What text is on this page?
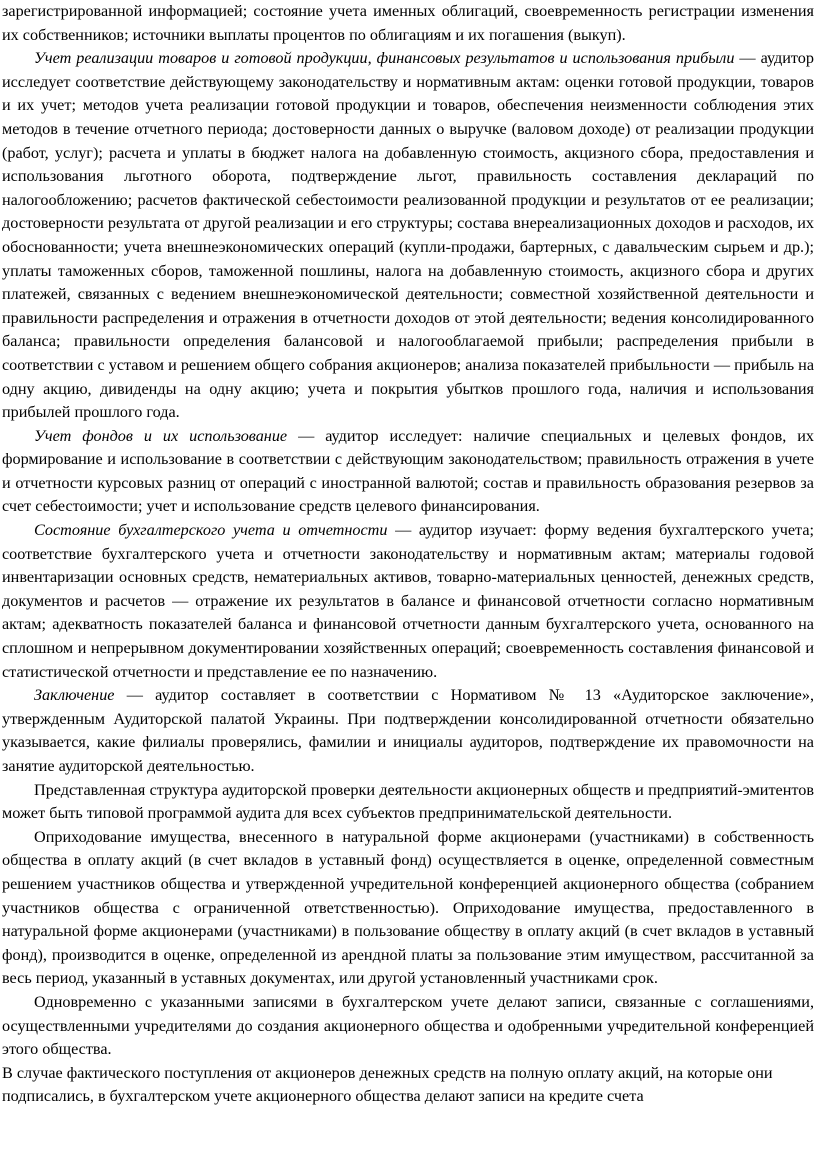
зарегистрированной информацией; состояние учета именных облигаций, своевременность регистрации изменения их собственников; источники выплаты процентов по облигациям и их погашения (выкуп).

Учет реализации товаров и готовой продукции, финансовых результатов и использования прибыли — аудитор исследует соответствие действующему законодательству и нормативным актам: оценки готовой продукции, товаров и их учет; методов учета реализации готовой продукции и товаров, обеспечения неизменности соблюдения этих методов в течение отчетного периода; достоверности данных о выручке (валовом доходе) от реализации продукции (работ, услуг); расчета и уплаты в бюджет налога на добавленную стоимость, акцизного сбора, предоставления и использования льготного оборота, подтверждение льгот, правильность составления деклараций по налогообложению; расчетов фактической себестоимости реализованной продукции и результатов от ее реализации; достоверности результата от другой реализации и его структуры; состава внереализационных доходов и расходов, их обоснованности; учета внешнеэкономических операций (купли-продажи, бартерных, с давальческим сырьем и др.); уплаты таможенных сборов, таможенной пошлины, налога на добавленную стоимость, акцизного сбора и других платежей, связанных с ведением внешнеэкономической деятельности; совместной хозяйственной деятельности и правильности распределения и отражения в отчетности доходов от этой деятельности; ведения консолидированного баланса; правильности определения балансовой и налогооблагаемой прибыли; распределения прибыли в соответствии с уставом и решением общего собрания акционеров; анализа показателей прибыльности — прибыль на одну акцию, дивиденды на одну акцию; учета и покрытия убытков прошлого года, наличия и использования прибылей прошлого года.

Учет фондов и их использование — аудитор исследует: наличие специальных и целевых фондов, их формирование и использование в соответствии с действующим законодательством; правильность отражения в учете и отчетности курсовых разниц от операций с иностранной валютой; состав и правильность образования резервов за счет себестоимости; учет и использование средств целевого финансирования.

Состояние бухгалтерского учета и отчетности — аудитор изучает: форму ведения бухгалтерского учета; соответствие бухгалтерского учета и отчетности законодательству и нормативным актам; материалы годовой инвентаризации основных средств, нематериальных активов, товарно-материальных ценностей, денежных средств, документов и расчетов — отражение их результатов в балансе и финансовой отчетности согласно нормативным актам; адекватность показателей баланса и финансовой отчетности данным бухгалтерского учета, основанного на сплошном и непрерывном документировании хозяйственных операций; своевременность составления финансовой и статистической отчетности и представление ее по назначению.

Заключение — аудитор составляет в соответствии с Нормативом № 13 «Аудиторское заключение», утвержденным Аудиторской палатой Украины. При подтверждении консолидированной отчетности обязательно указывается, какие филиалы проверялись, фамилии и инициалы аудиторов, подтверждение их правомочности на занятие аудиторской деятельностью.

Представленная структура аудиторской проверки деятельности акционерных обществ и предприятий-эмитентов может быть типовой программой аудита для всех субъектов предпринимательской деятельности.

Оприходование имущества, внесенного в натуральной форме акционерами (участниками) в собственность общества в оплату акций (в счет вкладов в уставный фонд) осуществляется в оценке, определенной совместным решением участников общества и утвержденной учредительной конференцией акционерного общества (собранием участников общества с ограниченной ответственностью). Оприходование имущества, предоставленного в натуральной форме акционерами (участниками) в пользование обществу в оплату акций (в счет вкладов в уставный фонд), производится в оценке, определенной из арендной платы за пользование этим имуществом, рассчитанной за весь период, указанный в уставных документах, или другой установленный участниками срок.

Одновременно с указанными записями в бухгалтерском учете делают записи, связанные с соглашениями, осуществленными учредителями до создания акционерного общества и одобренными учредительной конференцией этого общества.

В случае фактического поступления от акционеров денежных средств на полную оплату акций, на которые они подписались, в бухгалтерском учете акционерного общества делают записи на кредите счета
